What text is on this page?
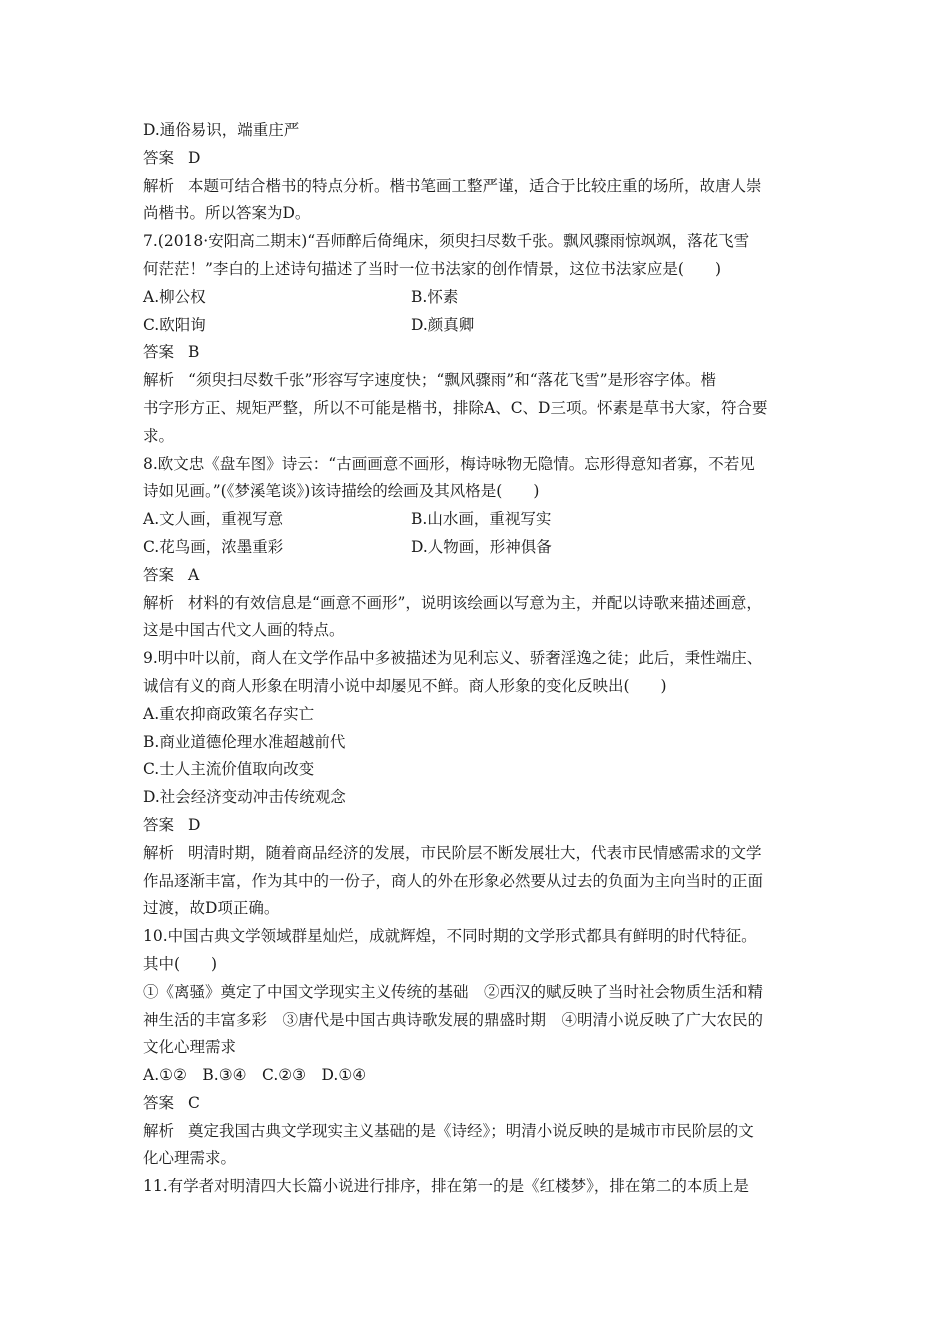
D.通俗易识，端重庄严
答案 D
解析 本题可结合楷书的特点分析。楷书笔画工整严谨，适合于比较庄重的场所，故唐人崇
尚楷书。所以答案为D。
7.(2018·安阳高二期末)“吾师醉后倚绳床，须臾扫尽数千张。飘风骤雨惊飒飒，落花飞雪
何茫茫！”李白的上述诗句描述了当时一位书法家的创作情景，这位书法家应是(　　)
A.柳公权	B.怀素
C.欧阳询	D.颜真卿
答案 B
解析 “须臾扫尽数千张”形容写字速度快；“飘风骤雨”和“落花飞雪”是形容字体。楷
书字形方正、规矩严整，所以不可能是楷书，排除A、C、D三项。怀素是草书大家，符合要
求。
8.欧文忠《盘车图》诗云：“古画画意不画形，梅诗咏物无隐情。忘形得意知者寡，不若见
诗如见画。”(《梦溪笔谈》)该诗描绘的绘画及其风格是(　　)
A.文人画，重视写意	B.山水画，重视写实
C.花鸟画，浓墨重彩	D.人物画，形神俱备
答案 A
解析 材料的有效信息是“画意不画形”，说明该绘画以写意为主，并配以诗歌来描述画意，
这是中国古代文人画的特点。
9.明中叶以前，商人在文学作品中多被描述为见利忘义、骄奢淫逸之徒；此后，秉性端庄、
诚信有义的商人形象在明清小说中却屡见不鲜。商人形象的变化反映出(　　)
A.重农抑商政策名存实亡
B.商业道德伦理水准超越前代
C.士人主流价值取向改变
D.社会经济变动冲击传统观念
答案 D
解析 明清时期，随着商品经济的发展，市民阶层不断发展壮大，代表市民情感需求的文学
作品逐渐丰富，作为其中的一份子，商人的外在形象必然要从过去的负面为主向当时的正面
过渡，故D项正确。
10.中国古典文学领域群星灿烂，成就辉煌，不同时期的文学形式都具有鲜明的时代特征。
其中(　　)
①《离骚》奠定了中国文学现实主义传统的基础　②西汉的赋反映了当时社会物质生活和精
神生活的丰富多彩　③唐代是中国古典诗歌发展的鼎盛时期　④明清小说反映了广大农民的
文化心理需求
A.①②　B.③④　C.②③　D.①④
答案 C
解析 奠定我国古典文学现实主义基础的是《诗经》；明清小说反映的是城市市民阶层的文
化心理需求。
11.有学者对明清四大长篇小说进行排序，排在第一的是《红楼梦》，排在第二的本质上是
